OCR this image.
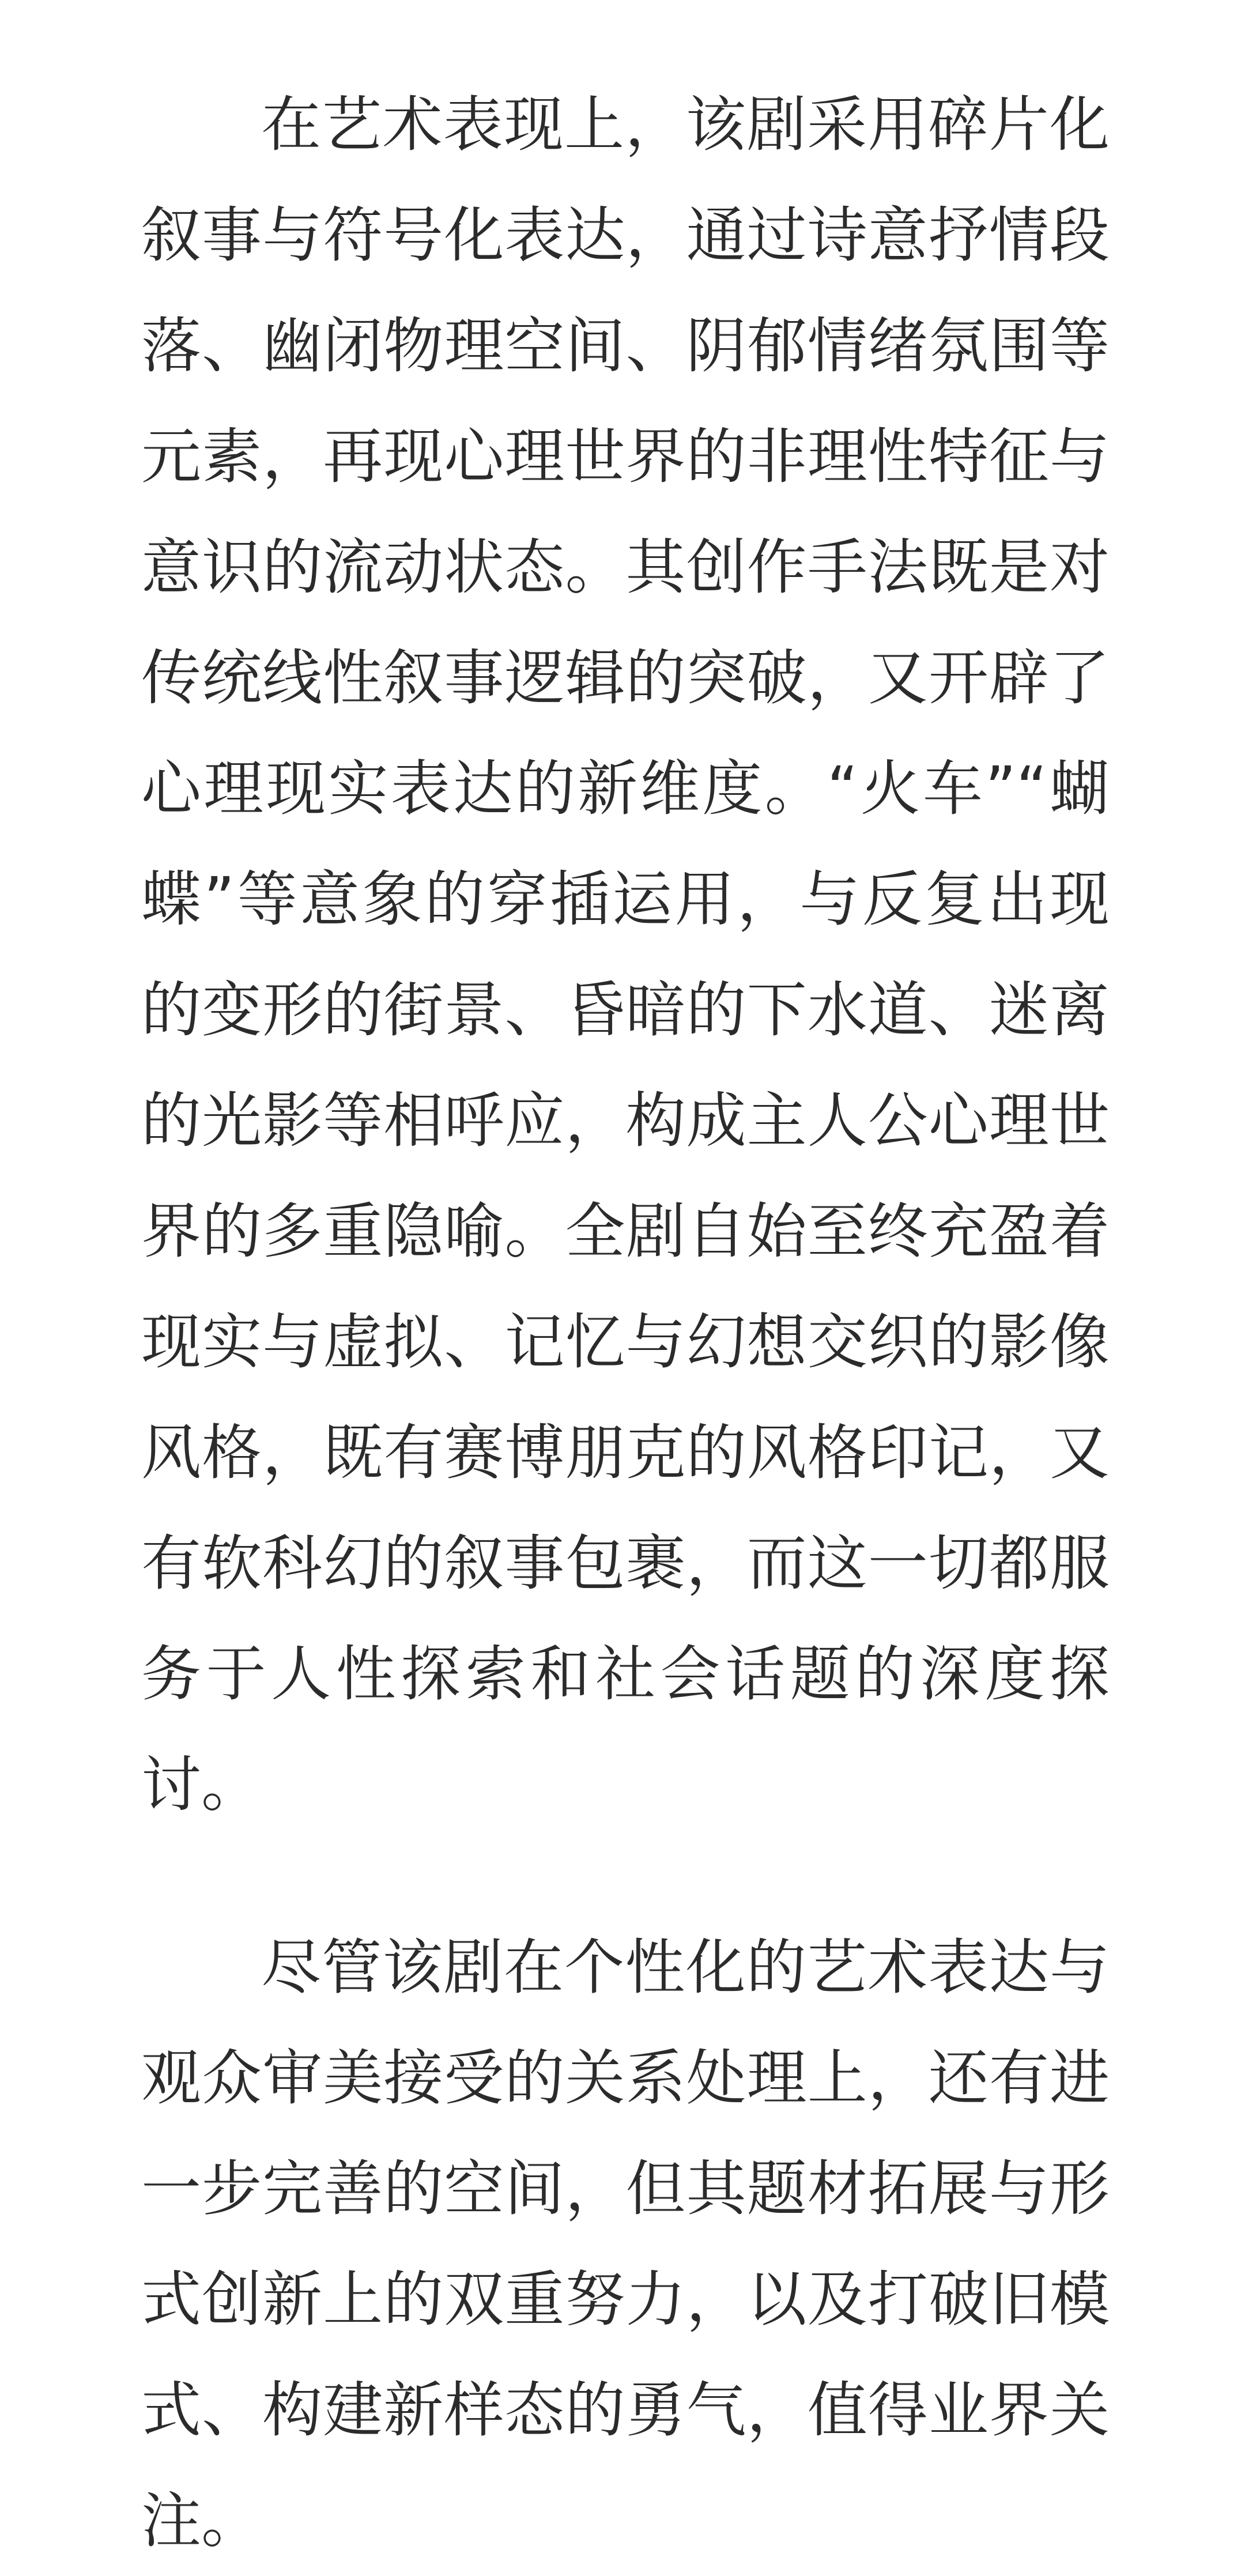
在艺术表现上，该剧采用碎片化叙事与符号化表达，通过诗意抒情段落、幽闭物理空间、阴郁情绪氛围等元素，再现心理世界的非理性特征与意识的流动状态。其创作手法既是对传统线性叙事逻辑的突破，又开辟了心理现实表达的新维度。“火车”“蝴蝶”等意象的穿插运用，与反复出现的变形的街景、昏暗的下水道、迷离的光影等相呼应，构成主人公心理世界的多重隐喻。全剧自始至终充盈着现实与虚拟、记忆与幻想交织的影像风格，既有赛博朋克的风格印记，又有软科幻的叙事包裹，而这一切都服务于人性探索和社会话题的深度探讨。

尽管该剧在个性化的艺术表达与观众审美接受的关系处理上，还有进一步完善的空间，但其题材拓展与形式创新上的双重努力，以及打破旧模式、构建新样态的勇气，值得业界关注。
